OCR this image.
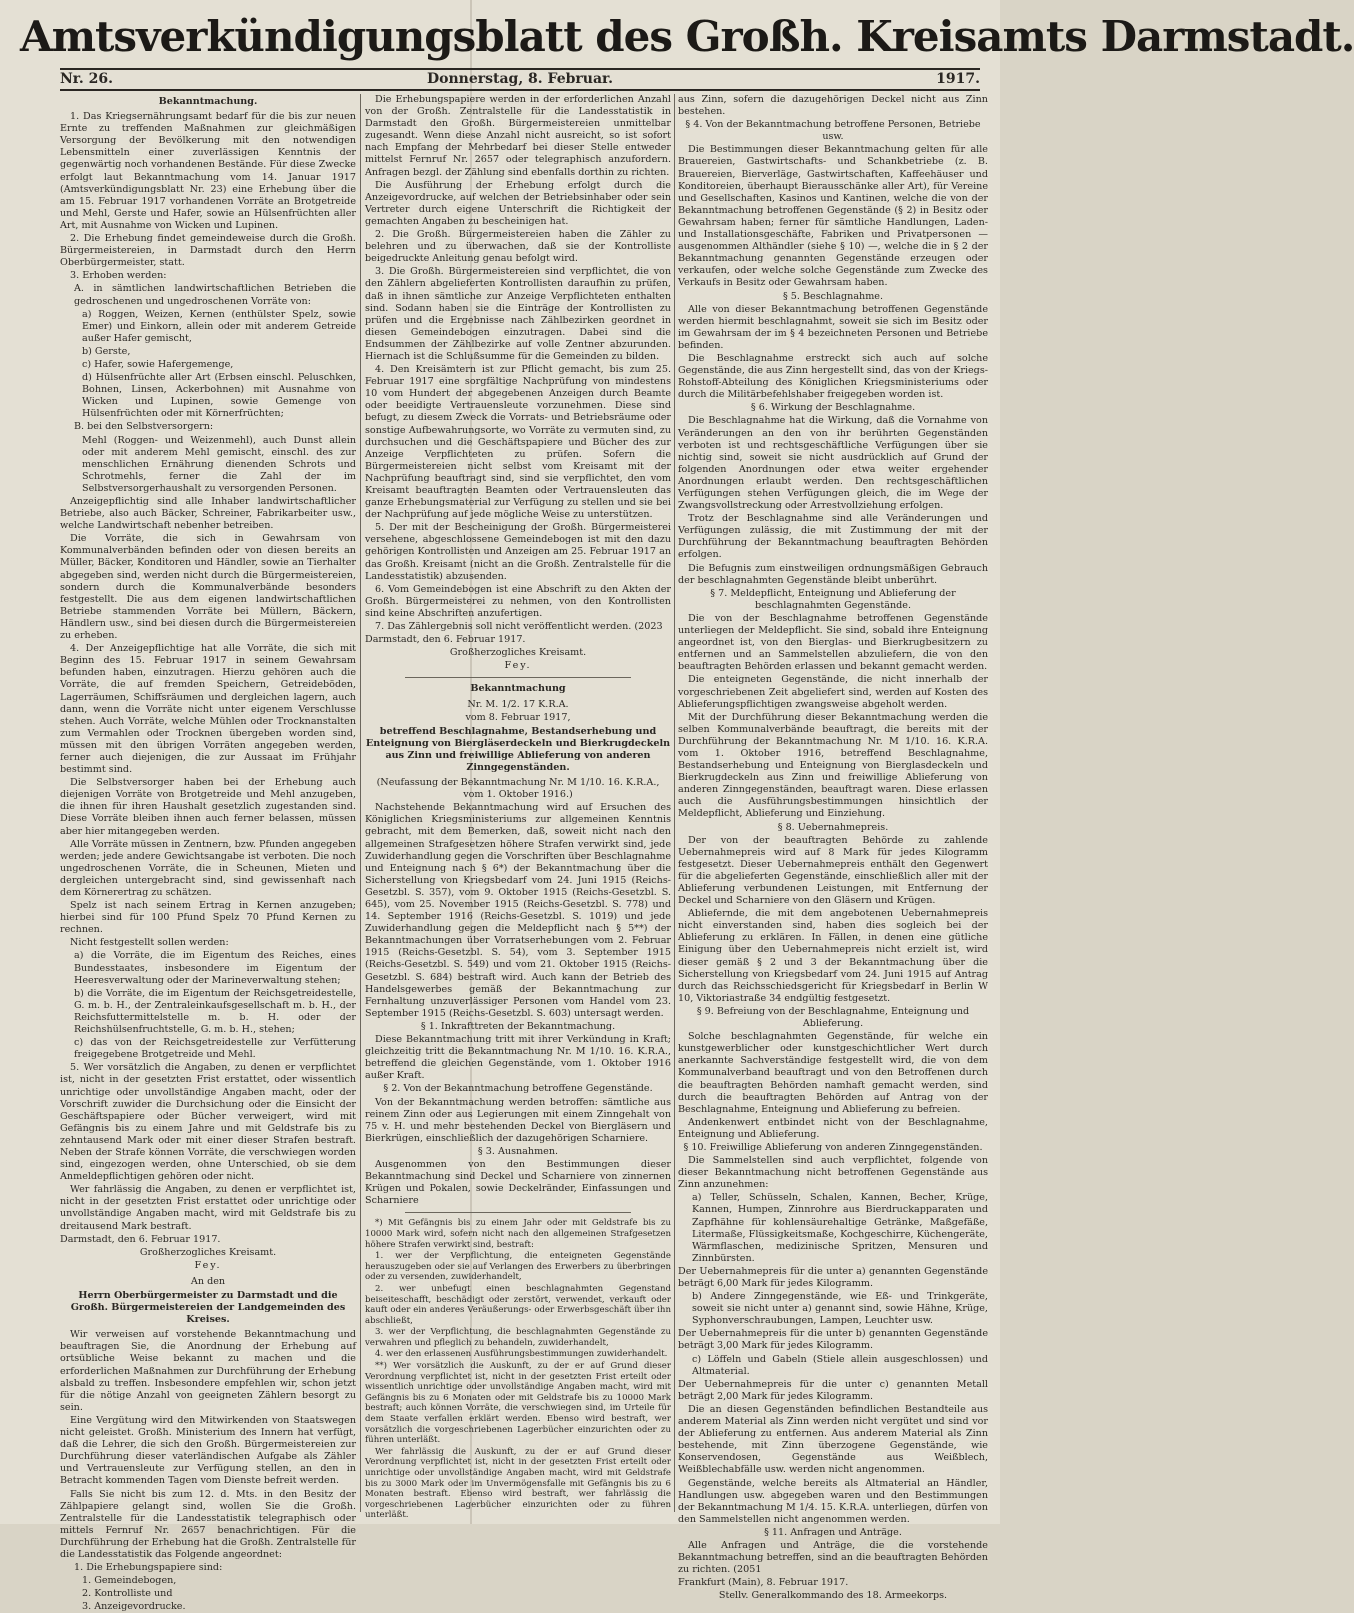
Amtsverkündigungsblatt des Großh. Kreisamts Darmstadt.
Nr. 26.	Donnerstag, 8. Februar.	1917.

Bekanntmachung.

1. Das Kriegsernährungsamt bedarf für die bis zur neuen Ernte zu treffenden Maßnahmen zur gleichmäßigen Versorgung der Bevölkerung mit den notwendigen Lebensmitteln einer zuverlässigen Kenntnis der gegenwärtig noch vorhandenen Bestände. Für diese Zwecke erfolgt laut Bekanntmachung vom 14. Januar 1917 (Amtsverkündigungsblatt Nr. 23) eine Erhebung über die am 15. Februar 1917 vorhandenen Vorräte an Brotgetreide und Mehl, Gerste und Hafer, sowie an Hülsenfrüchten aller Art, mit Ausnahme von Wicken und Lupinen.

2. Die Erhebung findet gemeindeweise durch die Großh. Bürgermeistereien, in Darmstadt durch den Herrn Oberbürgermeister, statt.

3. Erhoben werden:

A. in sämtlichen landwirtschaftlichen Betrieben die gedroschenen und ungedroschenen Vorräte von:

a) Roggen, Weizen, Kernen (enthülster Spelz, sowie Emer) und Einkorn, allein oder mit anderem Getreide außer Hafer gemischt,

b) Gerste,

c) Hafer, sowie Hafergemenge,

d) Hülsenfrüchte aller Art (Erbsen einschl. Peluschken, Bohnen, Linsen, Ackerbohnen) mit Ausnahme von Wicken und Lupinen, sowie Gemenge von Hülsenfrüchten oder mit Körnerfrüchten;

B. bei den Selbstversorgern:

Mehl (Roggen- und Weizenmehl), auch Dunst allein oder mit anderem Mehl gemischt, einschl. des zur menschlichen Ernährung dienenden Schrots und Schrotmehls, ferner die Zahl der im Selbstversorgerhaushalt zu versorgenden Personen.

Anzeigepflichtig sind alle Inhaber landwirtschaftlicher Betriebe, also auch Bäcker, Schreiner, Fabrikarbeiter usw., welche Landwirtschaft nebenher betreiben.

Die Vorräte, die sich in Gewahrsam von Kommunalverbänden befinden oder von diesen bereits an Müller, Bäcker, Konditoren und Händler, sowie an Tierhalter abgegeben sind, werden nicht durch die Bürgermeistereien, sondern durch die Kommunalverbände besonders festgestellt. Die aus dem eigenen landwirtschaftlichen Betriebe stammenden Vorräte bei Müllern, Bäckern, Händlern usw., sind bei diesen durch die Bürgermeistereien zu erheben.

4. Der Anzeigepflichtige hat alle Vorräte, die sich mit Beginn des 15. Februar 1917 in seinem Gewahrsam befunden haben, einzutragen. Hierzu gehören auch die Vorräte, die auf fremden Speichern, Getreideböden, Lagerräumen, Schiffsräumen und dergleichen lagern, auch dann, wenn die Vorräte nicht unter eigenem Verschlusse stehen. Auch Vorräte, welche Mühlen oder Trocknanstalten zum Vermahlen oder Trocknen übergeben worden sind, müssen mit den übrigen Vorräten angegeben werden, ferner auch diejenigen, die zur Aussaat im Frühjahr bestimmt sind.

Die Selbstversorger haben bei der Erhebung auch diejenigen Vorräte von Brotgetreide und Mehl anzugeben, die ihnen für ihren Haushalt gesetzlich zugestanden sind. Diese Vorräte bleiben ihnen auch ferner belassen, müssen aber hier mitangegeben werden.

Alle Vorräte müssen in Zentnern, bzw. Pfunden angegeben werden; jede andere Gewichtsangabe ist verboten. Die noch ungedroschenen Vorräte, die in Scheunen, Mieten und dergleichen untergebracht sind, sind gewissenhaft nach dem Körnerertrag zu schätzen.

Spelz ist nach seinem Ertrag in Kernen anzugeben; hierbei sind für 100 Pfund Spelz 70 Pfund Kernen zu rechnen.

Nicht festgestellt sollen werden:

a) die Vorräte, die im Eigentum des Reiches, eines Bundesstaates, insbesondere im Eigentum der Heeresverwaltung oder der Marineverwaltung stehen;

b) die Vorräte, die im Eigentum der Reichsgetreidestelle, G. m. b. H., der Zentraleinkaufsgesellschaft m. b. H., der Reichsfuttermittelstelle m. b. H. oder der Reichshülsenfruchtstelle, G. m. b. H., stehen;

c) das von der Reichsgetreidestelle zur Verfütterung freigegebene Brotgetreide und Mehl.

5. Wer vorsätzlich die Angaben, zu denen er verpflichtet ist, nicht in der gesetzten Frist erstattet, oder wissentlich unrichtige oder unvollständige Angaben macht, oder der Vorschrift zuwider die Durchsichung oder die Einsicht der Geschäftspapiere oder Bücher verweigert, wird mit Gefängnis bis zu einem Jahre und mit Geldstrafe bis zu zehntausend Mark oder mit einer dieser Strafen bestraft. Neben der Strafe können Vorräte, die verschwiegen worden sind, eingezogen werden, ohne Unterschied, ob sie dem Anmeldepflichtigen gehören oder nicht.

Wer fahrlässig die Angaben, zu denen er verpflichtet ist, nicht in der gesetzten Frist erstattet oder unrichtige oder unvollständige Angaben macht, wird mit Geldstrafe bis zu dreitausend Mark bestraft.

Darmstadt, den 6. Februar 1917.

Großherzogliches Kreisamt.

Fey.

An den

Herrn Oberbürgermeister zu Darmstadt und die Großh. Bürgermeistereien der Landgemeinden des Kreises.

Wir verweisen auf vorstehende Bekanntmachung und beauftragen Sie, die Anordnung der Erhebung auf ortsübliche Weise bekannt zu machen und die erforderlichen Maßnahmen zur Durchführung der Erhebung alsbald zu treffen. Insbesondere empfehlen wir, schon jetzt für die nötige Anzahl von geeigneten Zählern besorgt zu sein.

Eine Vergütung wird den Mitwirkenden von Staatswegen nicht geleistet. Großh. Ministerium des Innern hat verfügt, daß die Lehrer, die sich den Großh. Bürgermeistereien zur Durchführung dieser vaterländischen Aufgabe als Zähler und Vertrauensleute zur Verfügung stellen, an den in Betracht kommenden Tagen vom Dienste befreit werden.

Falls Sie nicht bis zum 12. d. Mts. in den Besitz der Zählpapiere gelangt sind, wollen Sie die Großh. Zentralstelle für die Landesstatistik telegraphisch oder mittels Fernruf Nr. 2657 benachrichtigen. Für die Durchführung der Erhebung hat die Großh. Zentralstelle für die Landesstatistik das Folgende angeordnet:

1. Die Erhebungspapiere sind:

1. Gemeindebogen,

2. Kontrolliste und

3. Anzeigevordrucke.

Die Erhebungspapiere werden in der erforderlichen Anzahl von der Großh. Zentralstelle für die Landesstatistik in Darmstadt den Großh. Bürgermeistereien unmittelbar zugesandt. Wenn diese Anzahl nicht ausreicht, so ist sofort nach Empfang der Mehrbedarf bei dieser Stelle entweder mittelst Fernruf Nr. 2657 oder telegraphisch anzufordern. Anfragen bezgl. der Zählung sind ebenfalls dorthin zu richten.

Die Ausführung der Erhebung erfolgt durch die Anzeigevordrucke, auf welchen der Betriebsinhaber oder sein Vertreter durch eigene Unterschrift die Richtigkeit der gemachten Angaben zu bescheinigen hat.

2. Die Großh. Bürgermeistereien haben die Zähler zu belehren und zu überwachen, daß sie der Kontrolliste beigedruckte Anleitung genau befolgt wird.

3. Die Großh. Bürgermeistereien sind verpflichtet, die von den Zählern abgelieferten Kontrollisten daraufhin zu prüfen, daß in ihnen sämtliche zur Anzeige Verpflichteten enthalten sind. Sodann haben sie die Einträge der Kontrollisten zu prüfen und die Ergebnisse nach Zählbezirken geordnet in diesen Gemeindebogen einzutragen. Dabei sind die Endsummen der Zählbezirke auf volle Zentner abzurunden. Hiernach ist die Schlußsumme für die Gemeinden zu bilden.

4. Den Kreisämtern ist zur Pflicht gemacht, bis zum 25. Februar 1917 eine sorgfältige Nachprüfung von mindestens 10 vom Hundert der abgegebenen Anzeigen durch Beamte oder beeidigte Vertrauensleute vorzunehmen. Diese sind befugt, zu diesem Zweck die Vorrats- und Betriebsräume oder sonstige Aufbewahrungsorte, wo Vorräte zu vermuten sind, zu durchsuchen und die Geschäftspapiere und Bücher des zur Anzeige Verpflichteten zu prüfen. Sofern die Bürgermeistereien nicht selbst vom Kreisamt mit der Nachprüfung beauftragt sind, sind sie verpflichtet, den vom Kreisamt beauftragten Beamten oder Vertrauensleuten das ganze Erhebungsmaterial zur Verfügung zu stellen und sie bei der Nachprüfung auf jede mögliche Weise zu unterstützen.

5. Der mit der Bescheinigung der Großh. Bürgermeisterei versehene, abgeschlossene Gemeindebogen ist mit den dazu gehörigen Kontrollisten und Anzeigen am 25. Februar 1917 an das Großh. Kreisamt (nicht an die Großh. Zentralstelle für die Landesstatistik) abzusenden.

6. Vom Gemeindebogen ist eine Abschrift zu den Akten der Großh. Bürgermeisterei zu nehmen, von den Kontrollisten sind keine Abschriften anzufertigen.

7. Das Zählergebnis soll nicht veröffentlicht werden. (2023

Darmstadt, den 6. Februar 1917.

Großherzogliches Kreisamt.

Fey.

Bekanntmachung

Nr. M. 1/2. 17 K.R.A.

vom 8. Februar 1917,

betreffend Beschlagnahme, Bestandserhebung und Enteignung von Biergläserdeckeln und Bierkrugdeckeln aus Zinn und freiwillige Ablieferung von anderen Zinngegenständen.

(Neufassung der Bekanntmachung Nr. M 1/10. 16. K.R.A., vom 1. Oktober 1916.)

Nachstehende Bekanntmachung wird auf Ersuchen des Königlichen Kriegsministeriums zur allgemeinen Kenntnis gebracht, mit dem Bemerken, daß, soweit nicht nach den allgemeinen Strafgesetzen höhere Strafen verwirkt sind, jede Zuwiderhandlung gegen die Vorschriften über Beschlagnahme und Enteignung nach § 6*) der Bekanntmachung über die Sicherstellung von Kriegsbedarf vom 24. Juni 1915 (Reichs-Gesetzbl. S. 357), vom 9. Oktober 1915 (Reichs-Gesetzbl. S. 645), vom 25. November 1915 (Reichs-Gesetzbl. S. 778) und 14. September 1916 (Reichs-Gesetzbl. S. 1019) und jede Zuwiderhandlung gegen die Meldepflicht nach § 5**) der Bekanntmachungen über Vorratserhebungen vom 2. Februar 1915 (Reichs-Gesetzbl. S. 54), vom 3. September 1915 (Reichs-Gesetzbl. S. 549) und vom 21. Oktober 1915 (Reichs-Gesetzbl. S. 684) bestraft wird. Auch kann der Betrieb des Handelsgewerbes gemäß der Bekanntmachung zur Fernhaltung unzuverlässiger Personen vom Handel vom 23. September 1915 (Reichs-Gesetzbl. S. 603) untersagt werden.

§ 1. Inkrafttreten der Bekanntmachung.

Diese Bekanntmachung tritt mit ihrer Verkündung in Kraft; gleichzeitig tritt die Bekanntmachung Nr. M 1/10. 16. K.R.A., betreffend die gleichen Gegenstände, vom 1. Oktober 1916 außer Kraft.

§ 2. Von der Bekanntmachung betroffene Gegenstände.

Von der Bekanntmachung werden betroffen: sämtliche aus reinem Zinn oder aus Legierungen mit einem Zinngehalt von 75 v. H. und mehr bestehenden Deckel von Biergläsern und Bierkrügen, einschließlich der dazugehörigen Scharniere.

§ 3. Ausnahmen.

Ausgenommen von den Bestimmungen dieser Bekanntmachung sind Deckel und Scharniere von zinnernen Krügen und Pokalen, sowie Deckelränder, Einfassungen und Scharniere

*) Mit Gefängnis bis zu einem Jahr oder mit Geldstrafe bis zu 10000 Mark wird, sofern nicht nach den allgemeinen Strafgesetzen höhere Strafen verwirkt sind, bestraft:

1. wer der Verpflichtung, die enteigneten Gegenstände herauszugeben oder sie auf Verlangen des Erwerbers zu überbringen oder zu versenden, zuwiderhandelt,

2. wer unbefugt einen beschlagnahmten Gegenstand beiseiteschafft, beschädigt oder zerstört, verwendet, verkauft oder kauft oder ein anderes Veräußerungs- oder Erwerbsgeschäft über ihn abschließt,

3. wer der Verpflichtung, die beschlagnahmten Gegenstände zu verwahren und pfleglich zu behandeln, zuwiderhandelt,

4. wer den erlassenen Ausführungsbestimmungen zuwiderhandelt.

**) Wer vorsätzlich die Auskunft, zu der er auf Grund dieser Verordnung verpflichtet ist, nicht in der gesetzten Frist erteilt oder wissentlich unrichtige oder unvollständige Angaben macht, wird mit Gefängnis bis zu 6 Monaten oder mit Geldstrafe bis zu 10000 Mark bestraft; auch können Vorräte, die verschwiegen sind, im Urteile für dem Staate verfallen erklärt werden. Ebenso wird bestraft, wer vorsätzlich die vorgeschriebenen Lagerbücher einzurichten oder zu führen unterläßt.

Wer fahrlässig die Auskunft, zu der er auf Grund dieser Verordnung verpflichtet ist, nicht in der gesetzten Frist erteilt oder unrichtige oder unvollständige Angaben macht, wird mit Geldstrafe bis zu 3000 Mark oder im Unvermögensfalle mit Gefängnis bis zu 6 Monaten bestraft. Ebenso wird bestraft, wer fahrlässig die vorgeschriebenen Lagerbücher einzurichten oder zu führen unterläßt.

aus Zinn, sofern die dazugehörigen Deckel nicht aus Zinn bestehen.

§ 4. Von der Bekanntmachung betroffene Personen, Betriebe usw.

Die Bestimmungen dieser Bekanntmachung gelten für alle Brauereien, Gastwirtschafts- und Schankbetriebe (z. B. Brauereien, Bierverläge, Gastwirtschaften, Kaffeehäuser und Konditoreien, überhaupt Bierausschänke aller Art), für Vereine und Gesellschaften, Kasinos und Kantinen, welche die von der Bekanntmachung betroffenen Gegenstände (§ 2) in Besitz oder Gewahrsam haben; ferner für sämtliche Handlungen, Laden- und Installationsgeschäfte, Fabriken und Privatpersonen — ausgenommen Althändler (siehe § 10) —, welche die in § 2 der Bekanntmachung genannten Gegenstände erzeugen oder verkaufen, oder welche solche Gegenstände zum Zwecke des Verkaufs in Besitz oder Gewahrsam haben.

§ 5. Beschlagnahme.

Alle von dieser Bekanntmachung betroffenen Gegenstände werden hiermit beschlagnahmt, soweit sie sich im Besitz oder im Gewahrsam der im § 4 bezeichneten Personen und Betriebe befinden.

Die Beschlagnahme erstreckt sich auch auf solche Gegenstände, die aus Zinn hergestellt sind, das von der Kriegs-Rohstoff-Abteilung des Königlichen Kriegsministeriums oder durch die Militärbefehlshaber freigegeben worden ist.

§ 6. Wirkung der Beschlagnahme.

Die Beschlagnahme hat die Wirkung, daß die Vornahme von Veränderungen an den von ihr berührten Gegenständen verboten ist und rechtsgeschäftliche Verfügungen über sie nichtig sind, soweit sie nicht ausdrücklich auf Grund der folgenden Anordnungen oder etwa weiter ergehender Anordnungen erlaubt werden. Den rechtsgeschäftlichen Verfügungen stehen Verfügungen gleich, die im Wege der Zwangsvollstreckung oder Arrestvollziehung erfolgen.

Trotz der Beschlagnahme sind alle Veränderungen und Verfügungen zulässig, die mit Zustimmung der mit der Durchführung der Bekanntmachung beauftragten Behörden erfolgen.

Die Befugnis zum einstweiligen ordnungsmäßigen Gebrauch der beschlagnahmten Gegenstände bleibt unberührt.

§ 7. Meldepflicht, Enteignung und Ablieferung der beschlagnahmten Gegenstände.

Die von der Beschlagnahme betroffenen Gegenstände unterliegen der Meldepflicht. Sie sind, sobald ihre Enteignung angeordnet ist, von den Bierglas- und Bierkrugbesitzern zu entfernen und an Sammelstellen abzuliefern, die von den beauftragten Behörden erlassen und bekannt gemacht werden.

Die enteigneten Gegenstände, die nicht innerhalb der vorgeschriebenen Zeit abgeliefert sind, werden auf Kosten des Ablieferungspflichtigen zwangsweise abgeholt werden.

Mit der Durchführung dieser Bekanntmachung werden die selben Kommunalverbände beauftragt, die bereits mit der Durchführung der Bekanntmachung Nr. M 1/10. 16. K.R.A. vom 1. Oktober 1916, betreffend Beschlagnahme, Bestandserhebung und Enteignung von Bierglasdeckeln und Bierkrugdeckeln aus Zinn und freiwillige Ablieferung von anderen Zinngegenständen, beauftragt waren. Diese erlassen auch die Ausführungsbestimmungen hinsichtlich der Meldepflicht, Ablieferung und Einziehung.

§ 8. Uebernahmepreis.

Der von der beauftragten Behörde zu zahlende Uebernahmepreis wird auf 8 Mark für jedes Kilogramm festgesetzt. Dieser Uebernahmepreis enthält den Gegenwert für die abgelieferten Gegenstände, einschließlich aller mit der Ablieferung verbundenen Leistungen, mit Entfernung der Deckel und Scharniere von den Gläsern und Krügen.

Abliefernde, die mit dem angebotenen Uebernahmepreis nicht einverstanden sind, haben dies sogleich bei der Ablieferung zu erklären. In Fällen, in denen eine gütliche Einigung über den Uebernahmepreis nicht erzielt ist, wird dieser gemäß § 2 und 3 der Bekanntmachung über die Sicherstellung von Kriegsbedarf vom 24. Juni 1915 auf Antrag durch das Reichsschiedsgericht für Kriegsbedarf in Berlin W 10, Viktoriastraße 34 endgültig festgesetzt.

§ 9. Befreiung von der Beschlagnahme, Enteignung und Ablieferung.

Solche beschlagnahmten Gegenstände, für welche ein kunstgewerblicher oder kunstgeschichtlicher Wert durch anerkannte Sachverständige festgestellt wird, die von dem Kommunalverband beauftragt und von den Betroffenen durch die beauftragten Behörden namhaft gemacht werden, sind durch die beauftragten Behörden auf Antrag von der Beschlagnahme, Enteignung und Ablieferung zu befreien.

Andenkenwert entbindet nicht von der Beschlagnahme, Enteignung und Ablieferung.

§ 10. Freiwillige Ablieferung von anderen Zinngegenständen.

Die Sammelstellen sind auch verpflichtet, folgende von dieser Bekanntmachung nicht betroffenen Gegenstände aus Zinn anzunehmen:

a) Teller, Schüsseln, Schalen, Kannen, Becher, Krüge, Kannen, Humpen, Zinnrohre aus Bierdruckapparaten und Zapfhähne für kohlensäurehaltige Getränke, Maßgefäße, Litermaße, Flüssigkeitsmaße, Kochgeschirre, Küchengeräte, Wärmflaschen, medizinische Spritzen, Mensuren und Zinnbürsten.

Der Uebernahmepreis für die unter a) genannten Gegenstände beträgt 6,00 Mark für jedes Kilogramm.

b) Andere Zinngegenstände, wie Eß- und Trinkgeräte, soweit sie nicht unter a) genannt sind, sowie Hähne, Krüge, Syphonverschraubungen, Lampen, Leuchter usw.

Der Uebernahmepreis für die unter b) genannten Gegenstände beträgt 3,00 Mark für jedes Kilogramm.

c) Löffeln und Gabeln (Stiele allein ausgeschlossen) und Altmaterial.

Der Uebernahmepreis für die unter c) genannten Metall beträgt 2,00 Mark für jedes Kilogramm.

Die an diesen Gegenständen befindlichen Bestandteile aus anderem Material als Zinn werden nicht vergütet und sind vor der Ablieferung zu entfernen. Aus anderem Material als Zinn bestehende, mit Zinn überzogene Gegenstände, wie Konservendosen, Gegenstände aus Weißblech, Weißblechabfälle usw. werden nicht angenommen.

Gegenstände, welche bereits als Altmaterial an Händler, Handlungen usw. abgegeben waren und den Bestimmungen der Bekanntmachung M 1/4. 15. K.R.A. unterliegen, dürfen von den Sammelstellen nicht angenommen werden.

§ 11. Anfragen und Anträge.

Alle Anfragen und Anträge, die die vorstehende Bekanntmachung betreffen, sind an die beauftragten Behörden zu richten. (2051

Frankfurt (Main), 8. Februar 1917.

Stellv. Generalkommando des 18. Armeekorps.
